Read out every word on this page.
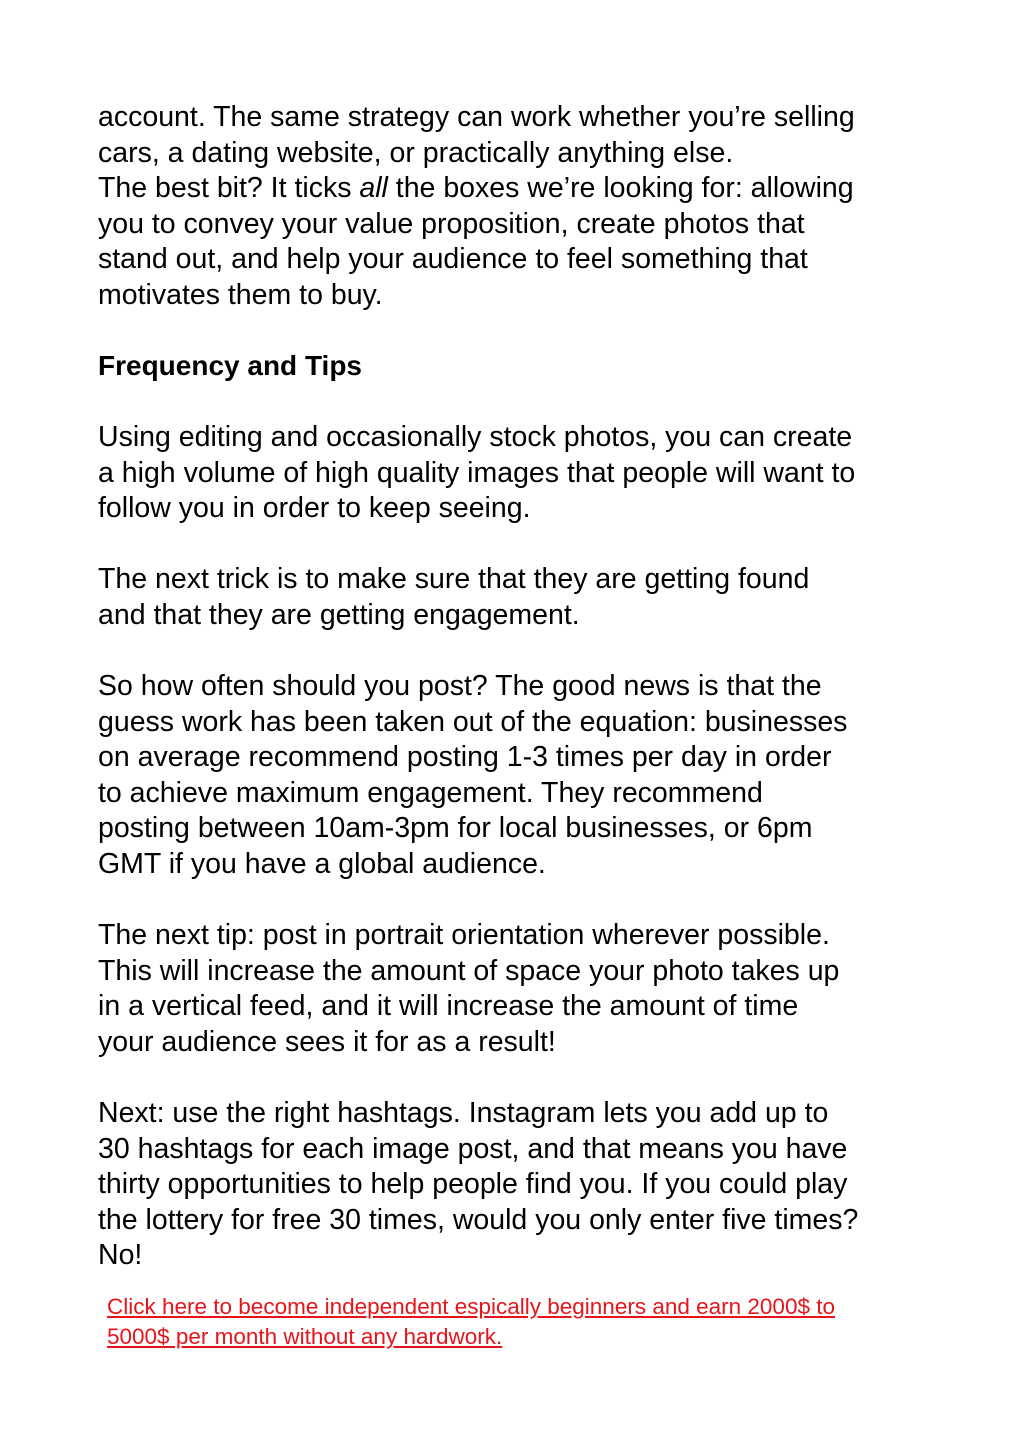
account. The same strategy can work whether you’re selling
cars, a dating website, or practically anything else.
The best bit? It ticks all the boxes we’re looking for: allowing
you to convey your value proposition, create photos that
stand out, and help your audience to feel something that
motivates them to buy.
Frequency and Tips
Using editing and occasionally stock photos, you can create
a high volume of high quality images that people will want to
follow you in order to keep seeing.
The next trick is to make sure that they are getting found
and that they are getting engagement.
So how often should you post? The good news is that the
guess work has been taken out of the equation: businesses
on average recommend posting 1-3 times per day in order
to achieve maximum engagement. They recommend
posting between 10am-3pm for local businesses, or 6pm
GMT if you have a global audience.
The next tip: post in portrait orientation wherever possible.
This will increase the amount of space your photo takes up
in a vertical feed, and it will increase the amount of time
your audience sees it for as a result!
Next: use the right hashtags. Instagram lets you add up to
30 hashtags for each image post, and that means you have
thirty opportunities to help people find you. If you could play
the lottery for free 30 times, would you only enter five times?
No!
Click here to become independent espically beginners and earn 2000$ to
5000$ per month without any hardwork.
